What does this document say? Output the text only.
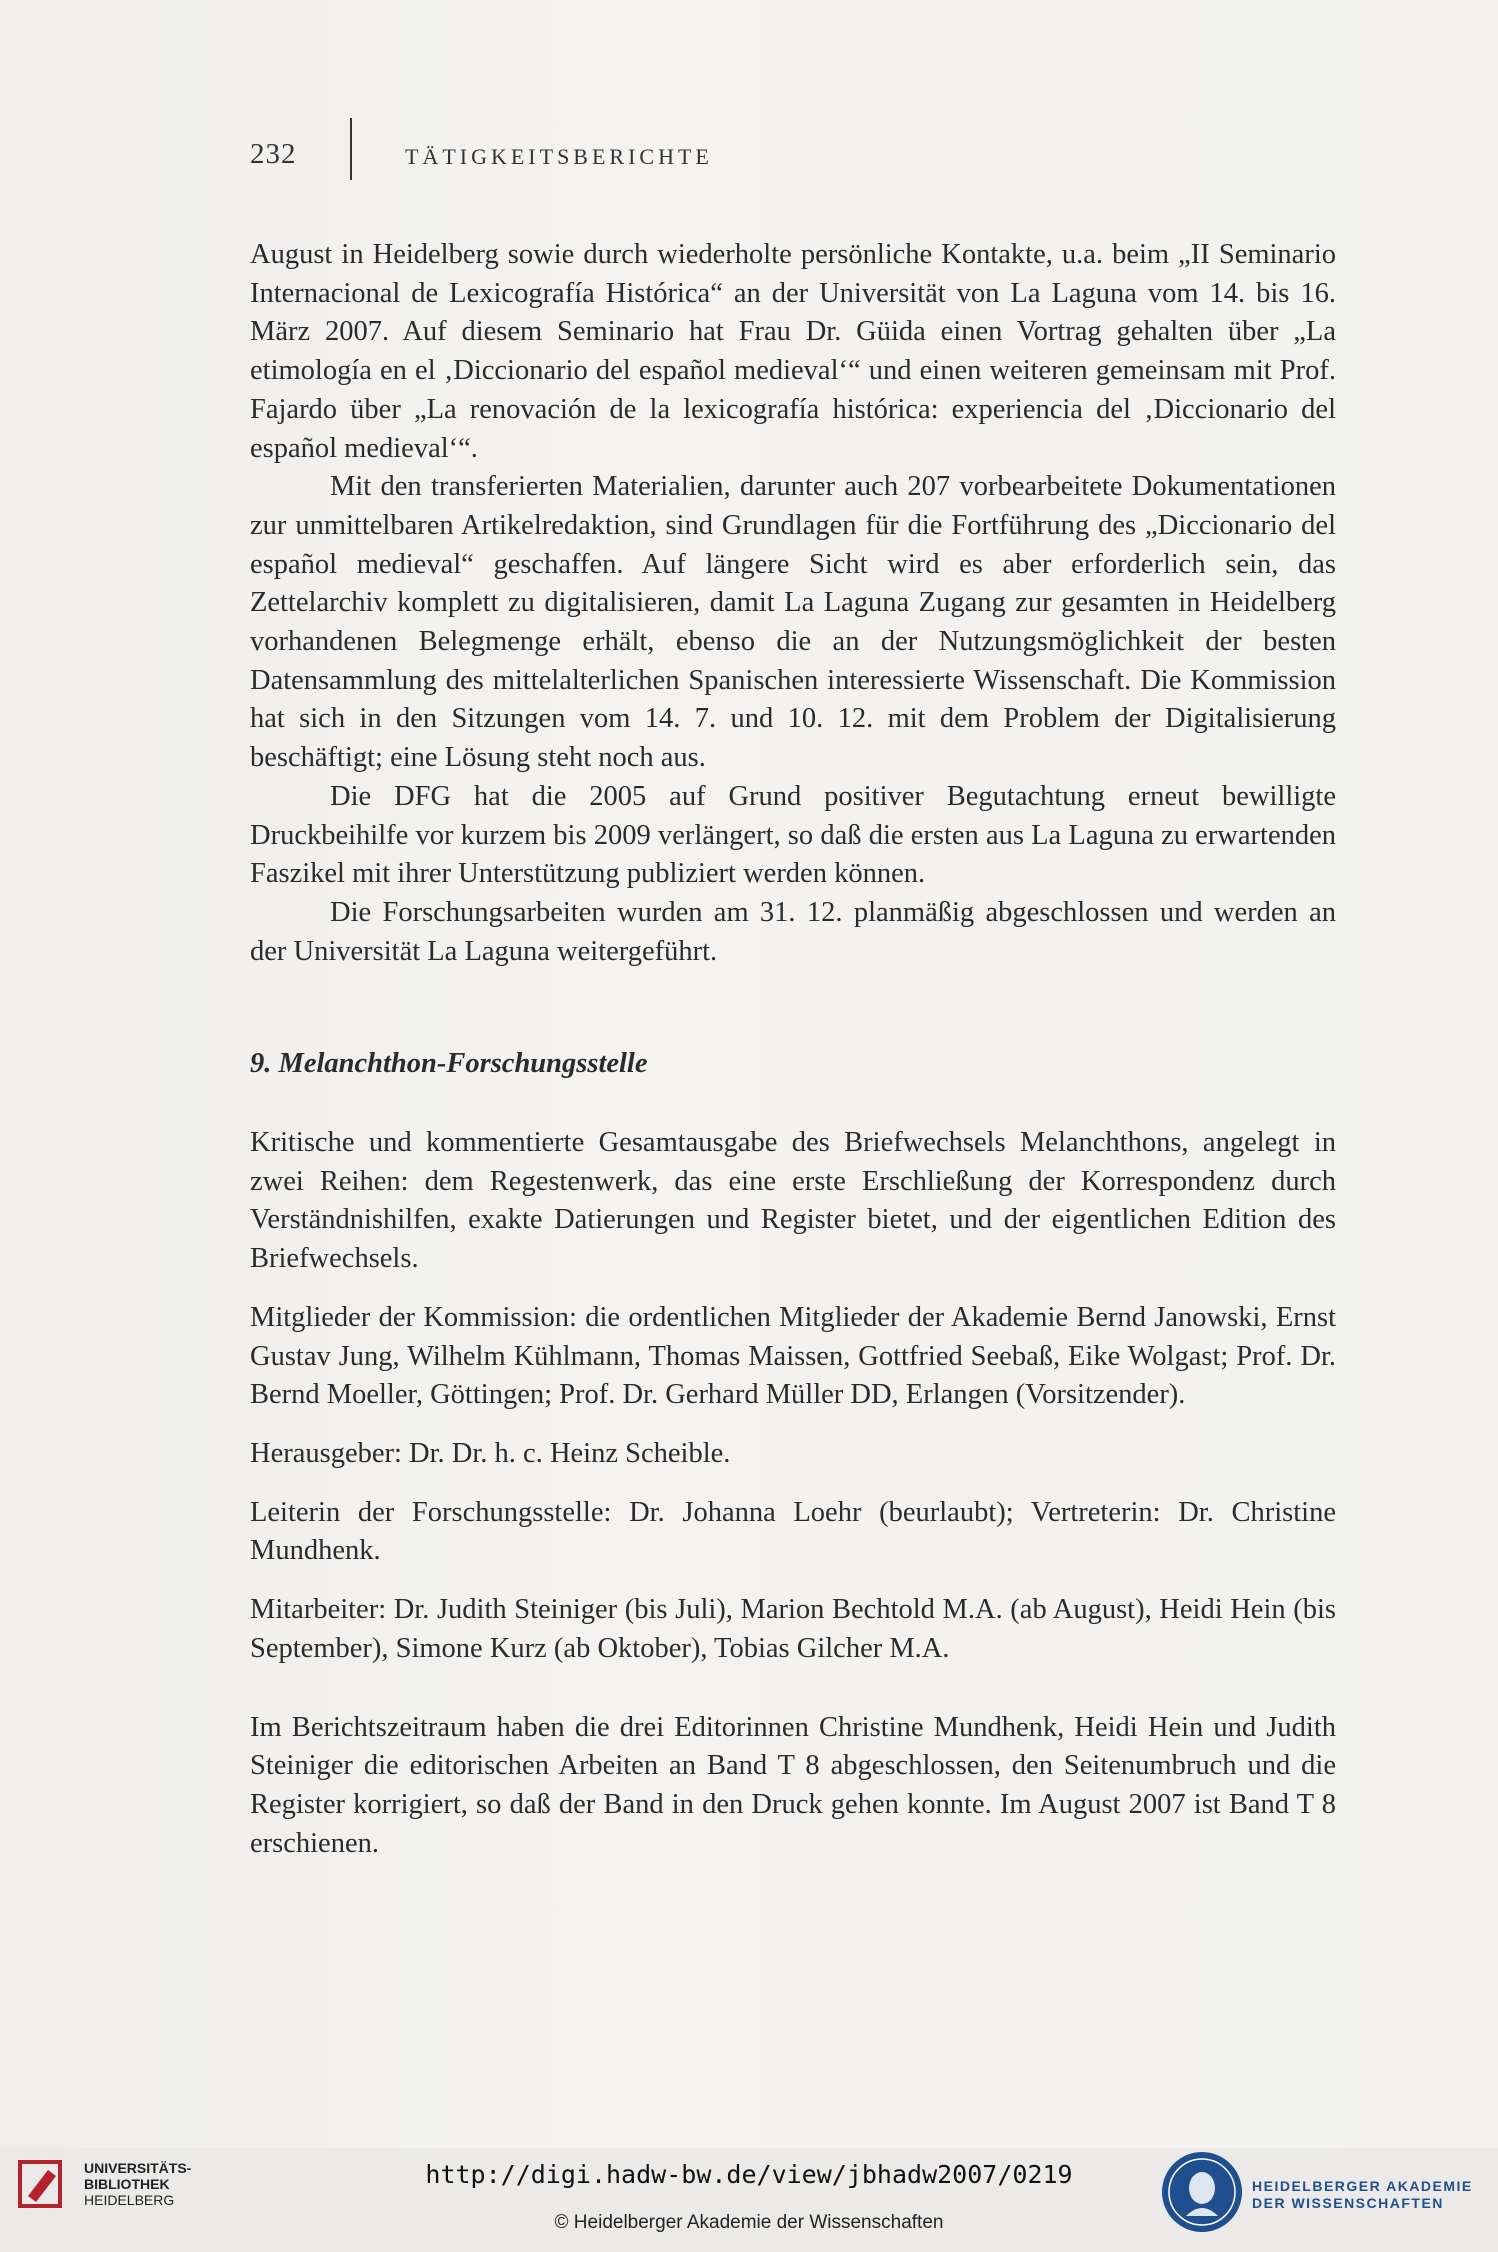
232	TÄTIGKEITSBERICHTE

August in Heidelberg sowie durch wiederholte persönliche Kontakte, u.a. beim „II Seminario Internacional de Lexicografía Histórica“ an der Universität von La Laguna vom 14. bis 16. März 2007. Auf diesem Seminario hat Frau Dr. Güida einen Vortrag gehalten über „La etimología en el ‚Diccionario del español medieval‘“ und einen weiteren gemeinsam mit Prof. Fajardo über „La renovación de la lexicografía histórica: experiencia del ‚Diccionario del español medieval‘“.

Mit den transferierten Materialien, darunter auch 207 vorbearbeitete Dokumentationen zur unmittelbaren Artikelredaktion, sind Grundlagen für die Fortführung des „Diccionario del español medieval“ geschaffen. Auf längere Sicht wird es aber erforderlich sein, das Zettelarchiv komplett zu digitalisieren, damit La Laguna Zugang zur gesamten in Heidelberg vorhandenen Belegmenge erhält, ebenso die an der Nutzungsmöglichkeit der besten Datensammlung des mittelalterlichen Spanischen interessierte Wissenschaft. Die Kommission hat sich in den Sitzungen vom 14. 7. und 10. 12. mit dem Problem der Digitalisierung beschäftigt; eine Lösung steht noch aus.

Die DFG hat die 2005 auf Grund positiver Begutachtung erneut bewilligte Druckbeihilfe vor kurzem bis 2009 verlängert, so daß die ersten aus La Laguna zu erwartenden Faszikel mit ihrer Unterstützung publiziert werden können.

Die Forschungsarbeiten wurden am 31. 12. planmäßig abgeschlossen und werden an der Universität La Laguna weitergeführt.

9. Melanchthon-Forschungsstelle

Kritische und kommentierte Gesamtausgabe des Briefwechsels Melanchthons, angelegt in zwei Reihen: dem Regestenwerk, das eine erste Erschließung der Korrespondenz durch Verständnishilfen, exakte Datierungen und Register bietet, und der eigentlichen Edition des Briefwechsels.

Mitglieder der Kommission: die ordentlichen Mitglieder der Akademie Bernd Janowski, Ernst Gustav Jung, Wilhelm Kühlmann, Thomas Maissen, Gottfried Seebaß, Eike Wolgast; Prof. Dr. Bernd Moeller, Göttingen; Prof. Dr. Gerhard Müller DD, Erlangen (Vorsitzender).

Herausgeber: Dr. Dr. h. c. Heinz Scheible.

Leiterin der Forschungsstelle: Dr. Johanna Loehr (beurlaubt); Vertreterin: Dr. Christine Mundhenk.

Mitarbeiter: Dr. Judith Steiniger (bis Juli), Marion Bechtold M.A. (ab August), Heidi Hein (bis September), Simone Kurz (ab Oktober), Tobias Gilcher M.A.

Im Berichtszeitraum haben die drei Editorinnen Christine Mundhenk, Heidi Hein und Judith Steiniger die editorischen Arbeiten an Band T 8 abgeschlossen, den Seitenumbruch und die Register korrigiert, so daß der Band in den Druck gehen konnte. Im August 2007 ist Band T 8 erschienen.

UNIVERSITÄTS-
BIBLIOTHEK
HEIDELBERG
http://digi.hadw-bw.de/view/jbhadw2007/0219
© Heidelberger Akademie der Wissenschaften
HEIDELBERGER AKADEMIE
DER WISSENSCHAFTEN
